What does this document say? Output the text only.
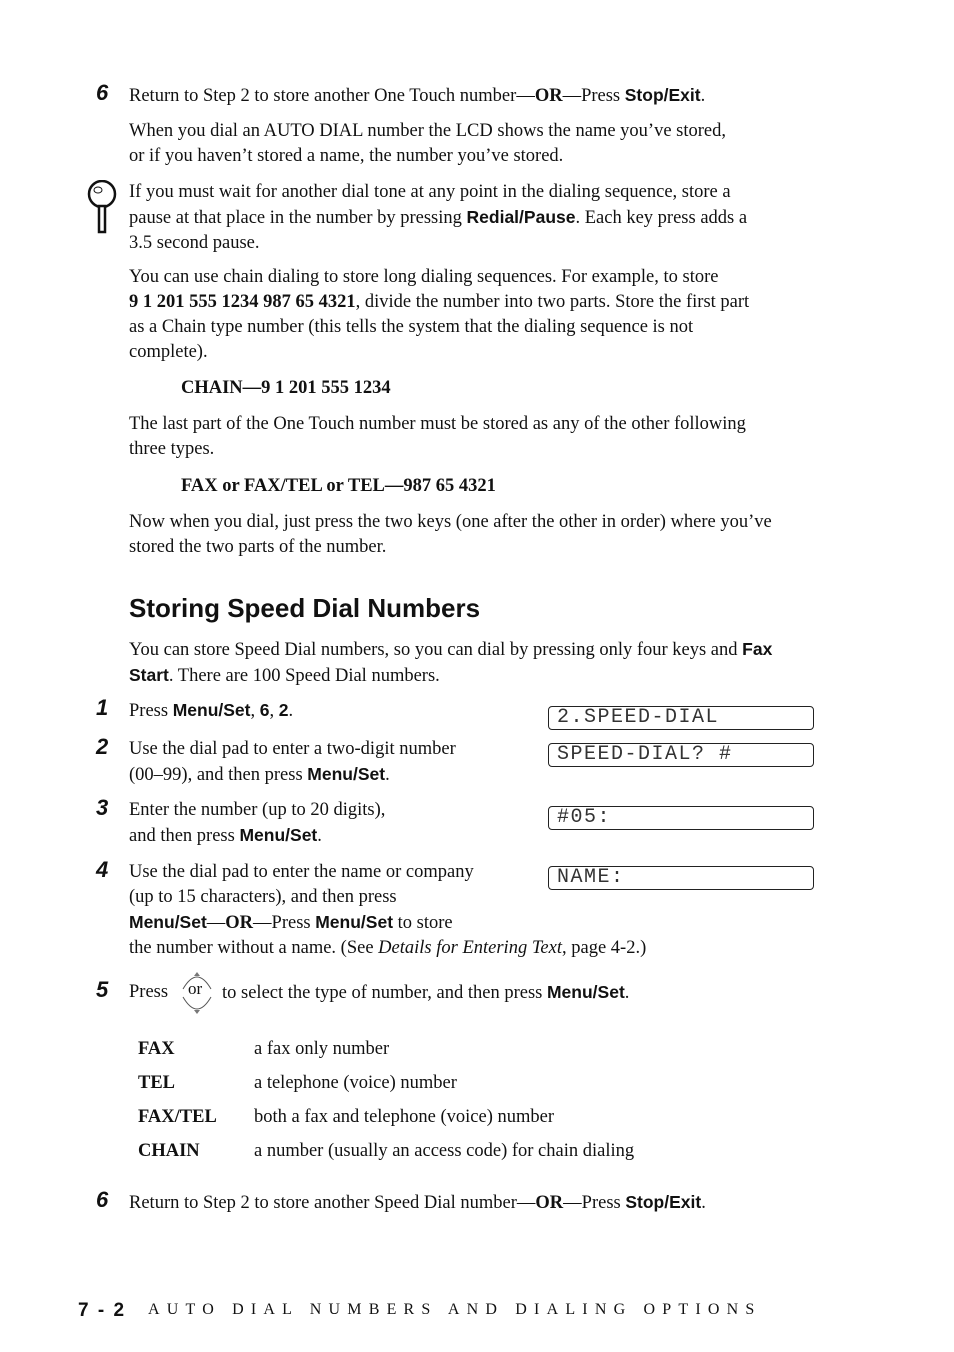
6 Return to Step 2 to store another One Touch number—OR—Press Stop/Exit.
When you dial an AUTO DIAL number the LCD shows the name you’ve stored,
or if you haven’t stored a name, the number you’ve stored.
If you must wait for another dial tone at any point in the dialing sequence, store a
pause at that place in the number by pressing Redial/Pause. Each key press adds a
3.5 second pause.
You can use chain dialing to store long dialing sequences. For example, to store
9 1 201 555 1234 987 65 4321, divide the number into two parts. Store the first part
as a Chain type number (this tells the system that the dialing sequence is not
complete).
CHAIN—9 1 201 555 1234
The last part of the One Touch number must be stored as any of the other following
three types.
FAX or FAX/TEL or TEL—987 65 4321
Now when you dial, just press the two keys (one after the other in order) where you’ve
stored the two parts of the number.
Storing Speed Dial Numbers
You can store Speed Dial numbers, so you can dial by pressing only four keys and Fax
Start. There are 100 Speed Dial numbers.
1 Press Menu/Set, 6, 2.
2 Use the dial pad to enter a two-digit number
(00–99), and then press Menu/Set.
3 Enter the number (up to 20 digits),
and then press Menu/Set.
4 Use the dial pad to enter the name or company
(up to 15 characters), and then press
Menu/Set—OR—Press Menu/Set to store
the number without a name. (See Details for Entering Text, page 4-2.)
2.SPEED-DIAL
SPEED-DIAL? #
#05:
NAME:
5 Press or to select the type of number, and then press Menu/Set.
FAX	a fax only number
TEL	a telephone (voice) number
FAX/TEL both a fax and telephone (voice) number
CHAIN	a number (usually an access code) for chain dialing
6 Return to Step 2 to store another Speed Dial number—OR—Press Stop/Exit.
7 - 2 AUTO DIAL NUMBERS AND DIALING OPTIONS
